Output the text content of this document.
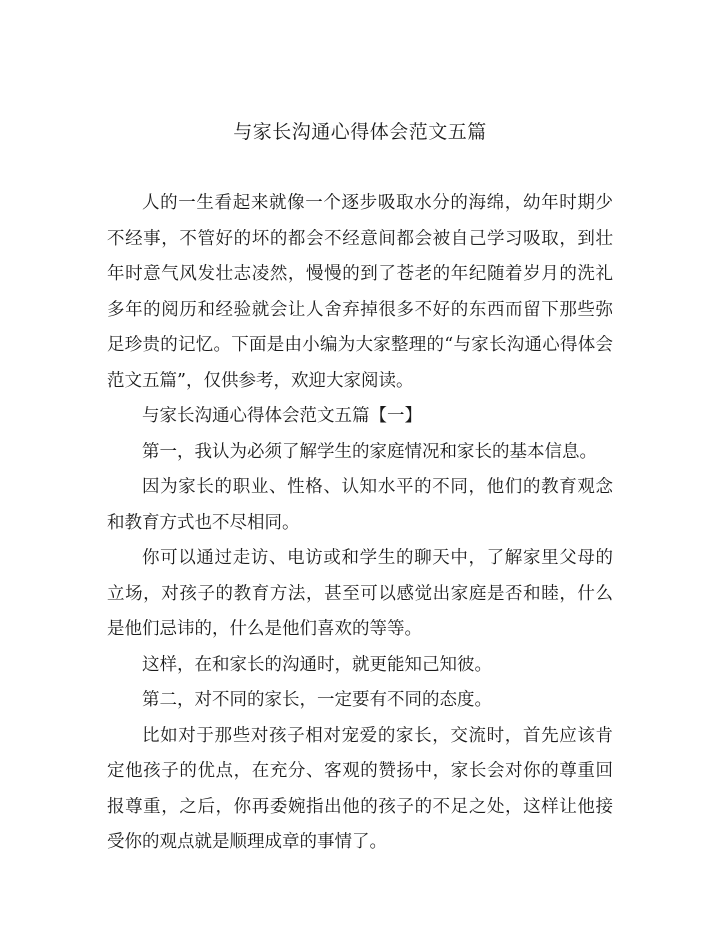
与家长沟通心得体会范文五篇

人的一生看起来就像一个逐步吸取水分的海绵，幼年时期少不经事，不管好的坏的都会不经意间都会被自己学习吸取，到壮年时意气风发壮志凌然，慢慢的到了苍老的年纪随着岁月的洗礼多年的阅历和经验就会让人舍弃掉很多不好的东西而留下那些弥足珍贵的记忆。下面是由小编为大家整理的“与家长沟通心得体会范文五篇”，仅供参考，欢迎大家阅读。

与家长沟通心得体会范文五篇【一】

第一，我认为必须了解学生的家庭情况和家长的基本信息。

因为家长的职业、性格、认知水平的不同，他们的教育观念和教育方式也不尽相同。

你可以通过走访、电访或和学生的聊天中，了解家里父母的立场，对孩子的教育方法，甚至可以感觉出家庭是否和睦，什么是他们忌讳的，什么是他们喜欢的等等。

这样，在和家长的沟通时，就更能知己知彼。

第二，对不同的家长，一定要有不同的态度。

比如对于那些对孩子相对宠爱的家长，交流时，首先应该肯定他孩子的优点，在充分、客观的赞扬中，家长会对你的尊重回报尊重，之后，你再委婉指出他的孩子的不足之处，这样让他接受你的观点就是顺理成章的事情了。
